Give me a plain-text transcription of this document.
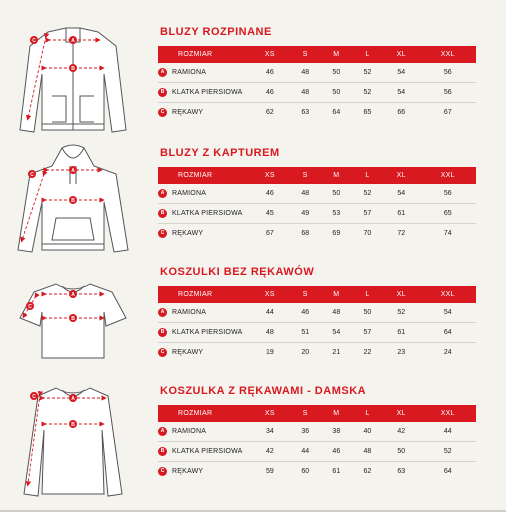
A
B
C
BLUZY ROZPINANE
ROZMIAR		XS	S	M	L	XL	XXL
A	RAMIONA	46	48	50	52	54	56
B	KLATKA PIERSIOWA	46	48	50	52	54	56
C	RĘKAWY	62	63	64	65	66	67
A
B
C
BLUZY Z KAPTUREM
ROZMIAR		XS	S	M	L	XL	XXL
A	RAMIONA	46	48	50	52	54	56
B	KLATKA PIERSIOWA	45	49	53	57	61	65
C	RĘKAWY	67	68	69	70	72	74
A
B
C
KOSZULKI BEZ RĘKAWÓW
ROZMIAR		XS	S	M	L	XL	XXL
A	RAMIONA	44	46	48	50	52	54
B	KLATKA PIERSIOWA	48	51	54	57	61	64
C	RĘKAWY	19	20	21	22	23	24
A
B
C	KOSZULKA Z RĘKAWAMI - DAMSKA
ROZMIAR		XS	S	M	L	XL	XXL
A	RAMIONA	34	36	38	40	42	44
B	KLATKA PIERSIOWA	42	44	46	48	50	52
C	RĘKAWY	59	60	61	62	63	64
